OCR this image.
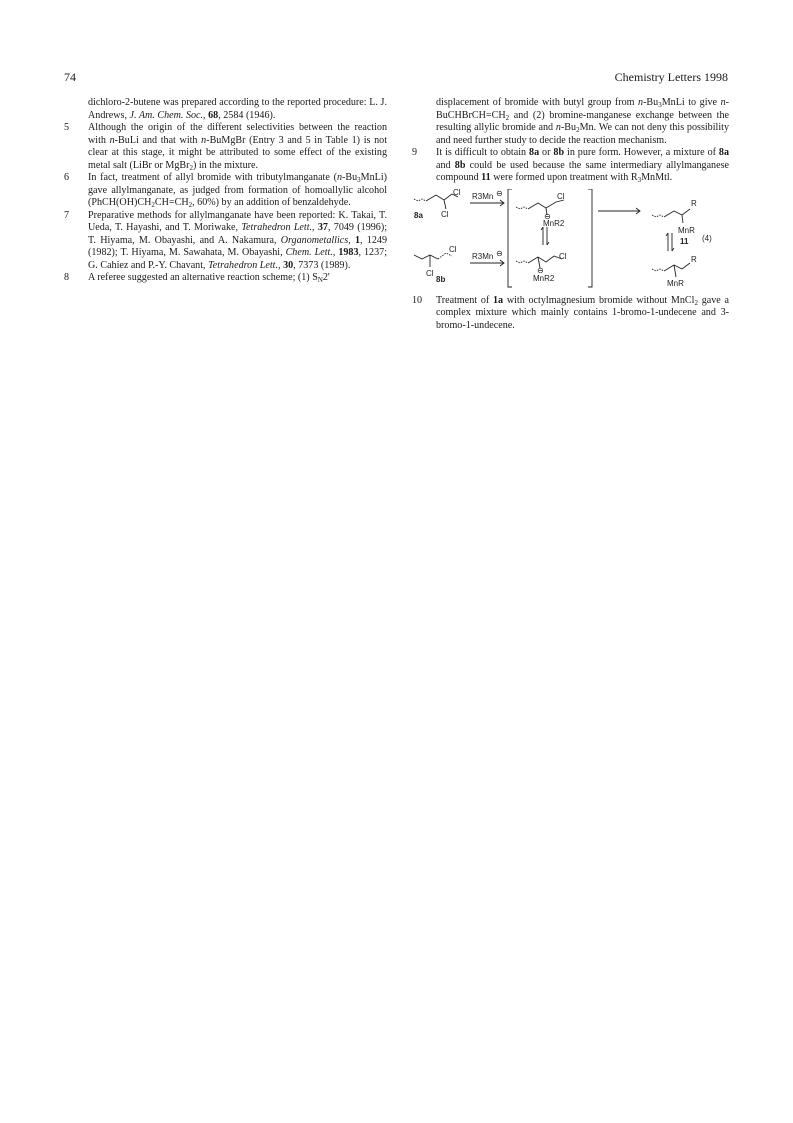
74	Chemistry Letters 1998
dichloro-2-butene was prepared according to the reported procedure: L. J. Andrews, J. Am. Chem. Soc., 68, 2584 (1946).
5	Although the origin of the different selectivities between the reaction with n-BuLi and that with n-BuMgBr (Entry 3 and 5 in Table 1) is not clear at this stage, it might be attributed to some effect of the existing metal salt (LiBr or MgBr$_2$) in the mixture.
6	In fact, treatment of allyl bromide with tributylmanganate $(n-Bu_3MnLi)$ gave allylmanganate, as judged from formation of homoallylic alcohol ($PhCH(OH)CH_2CH=CH_2$, 60%) by an addition of benzaldehyde.
7	Preparative methods for allylmanganate have been reported: K. Takai, T. Ueda, T. Hayashi, and T. Moriwake, Tetrahedron Lett., 37, 7049 (1996); T. Hiyama, M. Obayashi, and A. Nakamura, Organometallics, 1, 1249 (1982); T. Hiyama, M. Sawahata, M. Obayashi, Chem. Lett., 1983, 1237; G. Cahiez and P.-Y. Chavant, Tetrahedron Lett., 30, 7373 (1989).
8	A referee suggested an alternative reaction scheme; (1) $S_N2'$
displacement of bromide with butyl group from $n-Bu_3MnLi$ to give $n-BuCHBrCH=CH_2$ and (2) bromine-manganese exchange between the resulting allylic bromide and $n-Bu_2Mn$. We can not deny this possibility and need further study to decide the reaction mechanism.
9	It is difficult to obtain 8a or 8b in pure form. However, a mixture of 8a and 8b could be used because the same intermediary allylmanganese compound 11 were formed upon treatment with $R_3MnMtl$.
Cl
Cl
8a
R3Mn ⊖	Cl
⊖
MnR2
Cl
⊖
MnR2
Cl
Cl
8b
R3Mn ⊖
R
MnR
11 (4)
R
MnR
10	Treatment of 1a with octylmagnesium bromide without MnCl$_2$ gave a complex mixture which mainly contains 1-bromo-1-undecene and 3-bromo-1-undecene.
